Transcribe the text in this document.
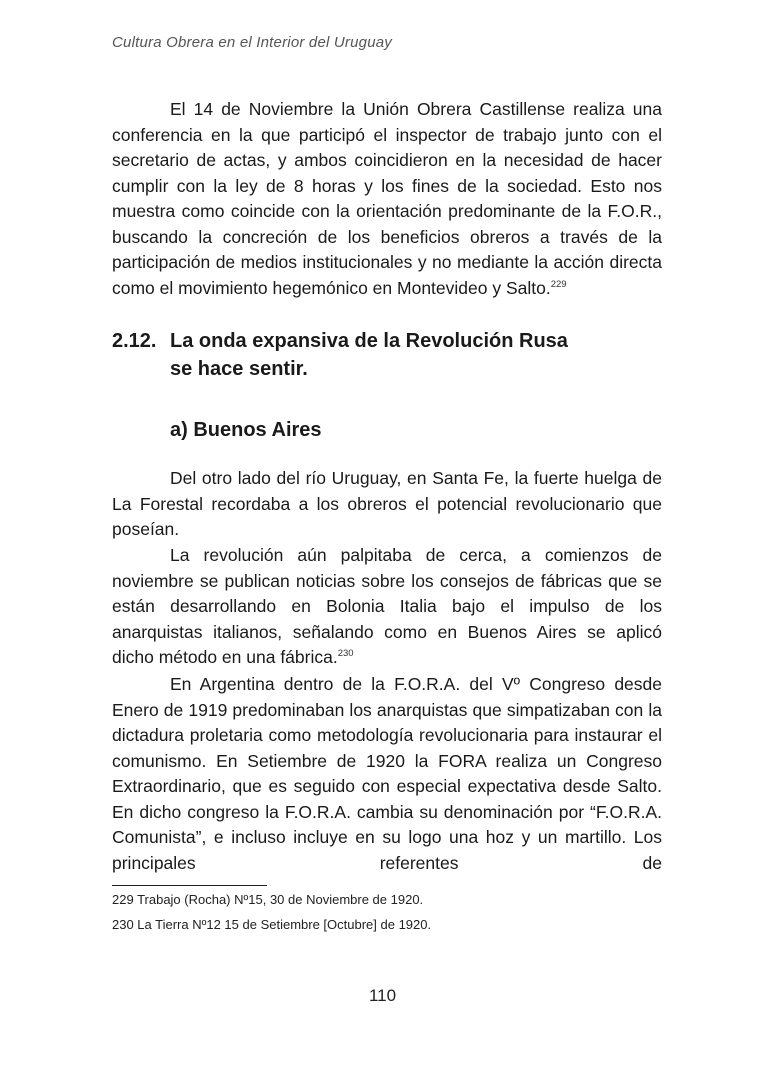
Cultura Obrera en el Interior del Uruguay

El 14 de Noviembre la Unión Obrera Castillense realiza una conferencia en la que participó el inspector de trabajo junto con el secretario de actas, y ambos coincidieron en la necesidad de hacer cumplir con la ley de 8 horas y los fines de la sociedad. Esto nos muestra como coincide con la orientación predominante de la F.O.R., buscando la concreción de los beneficios obreros a través de la participación de medios institucionales y no mediante la acción directa como el movimiento hegemónico en Montevideo y Salto.$^{229}$

2.12. La onda expansiva de la Revolución Rusa
se hace sentir.
a) Buenos Aires

Del otro lado del río Uruguay, en Santa Fe, la fuerte huelga de La Forestal recordaba a los obreros el potencial revolucionario que poseían.

La revolución aún palpitaba de cerca, a comienzos de noviembre se publican noticias sobre los consejos de fábricas que se están desarrollando en Bolonia Italia bajo el impulso de los anarquistas italianos, señalando como en Buenos Aires se aplicó dicho método en una fábrica.$^{230}$

En Argentina dentro de la F.O.R.A. del Vº Congreso desde Enero de 1919 predominaban los anarquistas que simpatizaban con la dictadura proletaria como metodología revolucionaria para instaurar el comunismo. En Setiembre de 1920 la FORA realiza un Congreso Extraordinario, que es seguido con especial expectativa desde Salto. En dicho congreso la F.O.R.A. cambia su denominación por “F.O.R.A. Comunista”, e incluso incluye en su logo una hoz y un martillo. Los principales referentes de

229 Trabajo (Rocha) Nº15, 30 de Noviembre de 1920.
230 La Tierra Nº12 15 de Setiembre [Octubre] de 1920.
110
